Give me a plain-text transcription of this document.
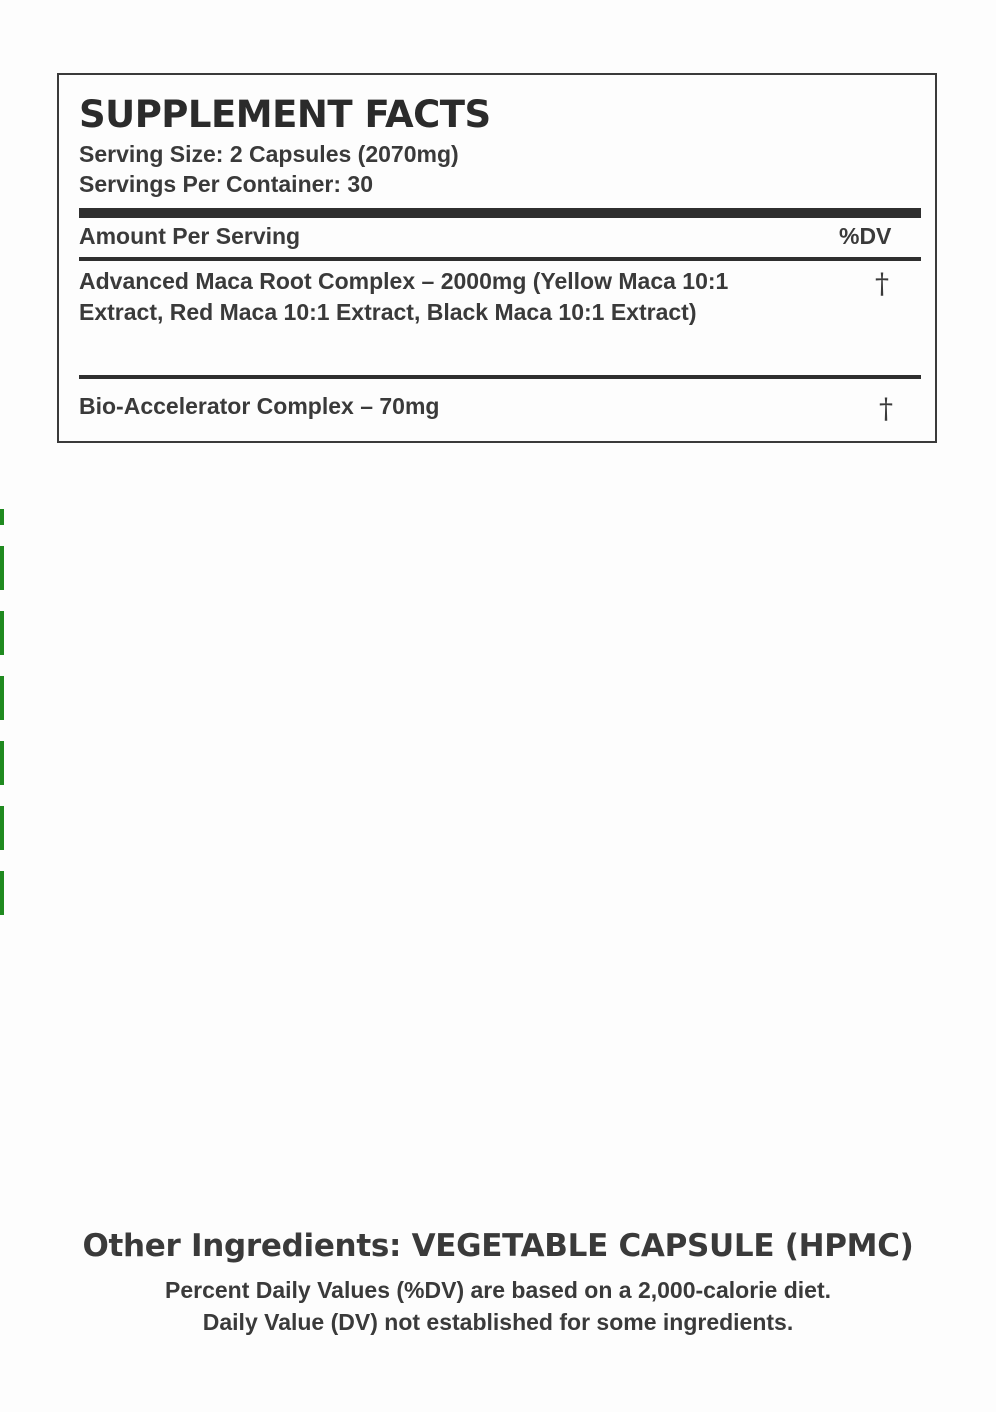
SUPPLEMENT FACTS
Serving Size: 2 Capsules (2070mg)
Servings Per Container: 30
Amount Per Serving	%DV
Advanced Maca Root Complex – 2000mg (Yellow Maca 10:1 Extract, Red Maca 10:1 Extract, Black Maca 10:1 Extract)
†
Bio-Accelerator Complex – 70mg	†
Other Ingredients: VEGETABLE CAPSULE (HPMC)
Percent Daily Values (%DV) are based on a 2,000-calorie diet.
Daily Value (DV) not established for some ingredients.
